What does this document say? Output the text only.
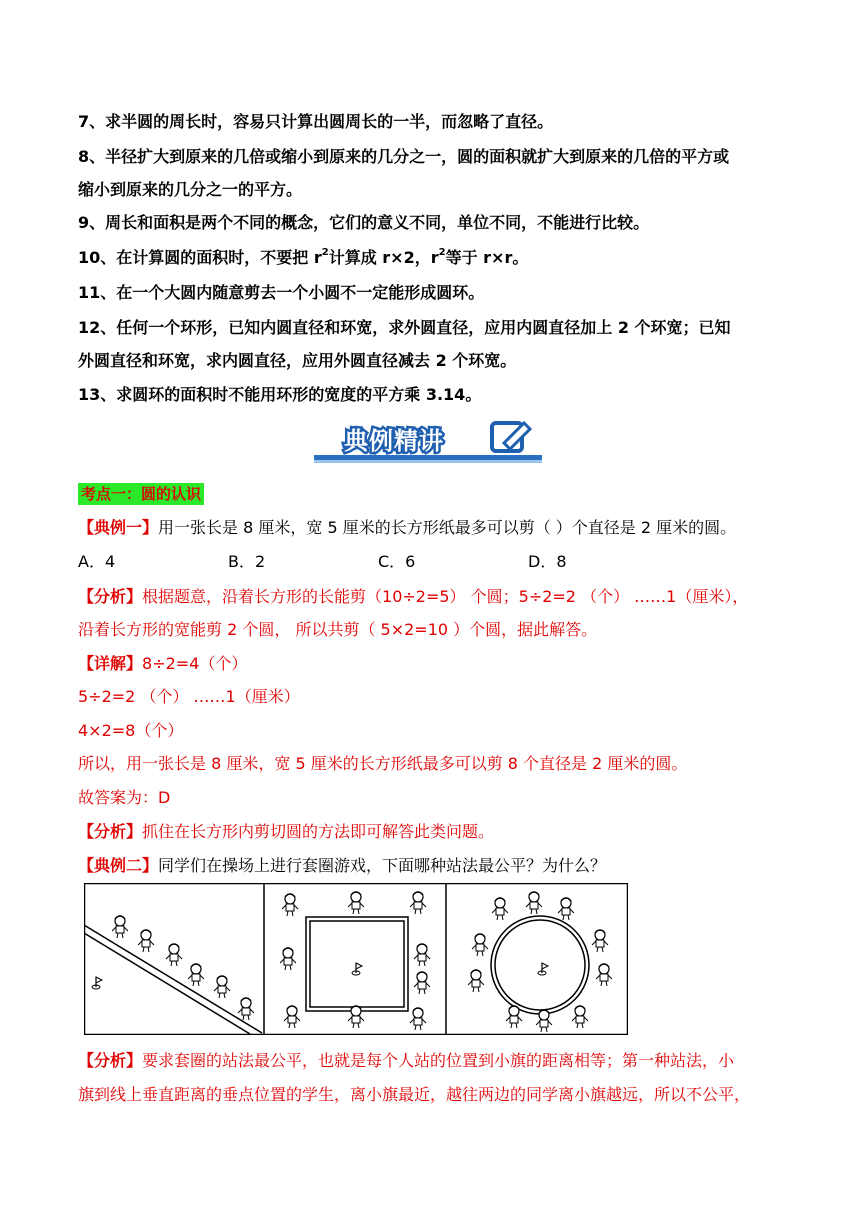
7、求半圆的周长时，容易只计算出圆周长的一半，而忽略了直径。
8、半径扩大到原来的几倍或缩小到原来的几分之一，圆的面积就扩大到原来的几倍的平方或
缩小到原来的几分之一的平方。
9、周长和面积是两个不同的概念，它们的意义不同，单位不同，不能进行比较。
10、在计算圆的面积时，不要把 $r^2$计算成 r×2，$r^2$等于 r×r。
11、在一个大圆内随意剪去一个小圆不一定能形成圆环。
12、任何一个环形，已知内圆直径和环宽，求外圆直径，应用内圆直径加上 2 个环宽；已知
外圆直径和环宽，求内圆直径，应用外圆直径减去 2 个环宽。
13、求圆环的面积时不能用环形的宽度的平方乘 3.14。
典例精讲
考点一：圆的认识
【典例一】用一张长是 8 厘米，宽 5 厘米的长方形纸最多可以剪（ ）个直径是 2 厘米的圆。
A．4	B．2	C．6	D．8
【分析】根据题意，沿着长方形的长能剪（10÷2=5） 个圆；5÷2=2 （个） ……1（厘米），
沿着长方形的宽能剪 2 个圆， 所以共剪（ 5×2=10 ）个圆，据此解答。
【详解】8÷2=4（个）
5÷2=2 （个） ……1（厘米）
4×2=8（个）
所以，用一张长是 8 厘米，宽 5 厘米的长方形纸最多可以剪 8 个直径是 2 厘米的圆。
故答案为：D
【分析】抓住在长方形内剪切圆的方法即可解答此类问题。
【典例二】同学们在操场上进行套圈游戏，下面哪种站法最公平？为什么？
【分析】要求套圈的站法最公平，也就是每个人站的位置到小旗的距离相等；第一种站法，小
旗到线上垂直距离的垂点位置的学生，离小旗最近，越往两边的同学离小旗越远，所以不公平，
